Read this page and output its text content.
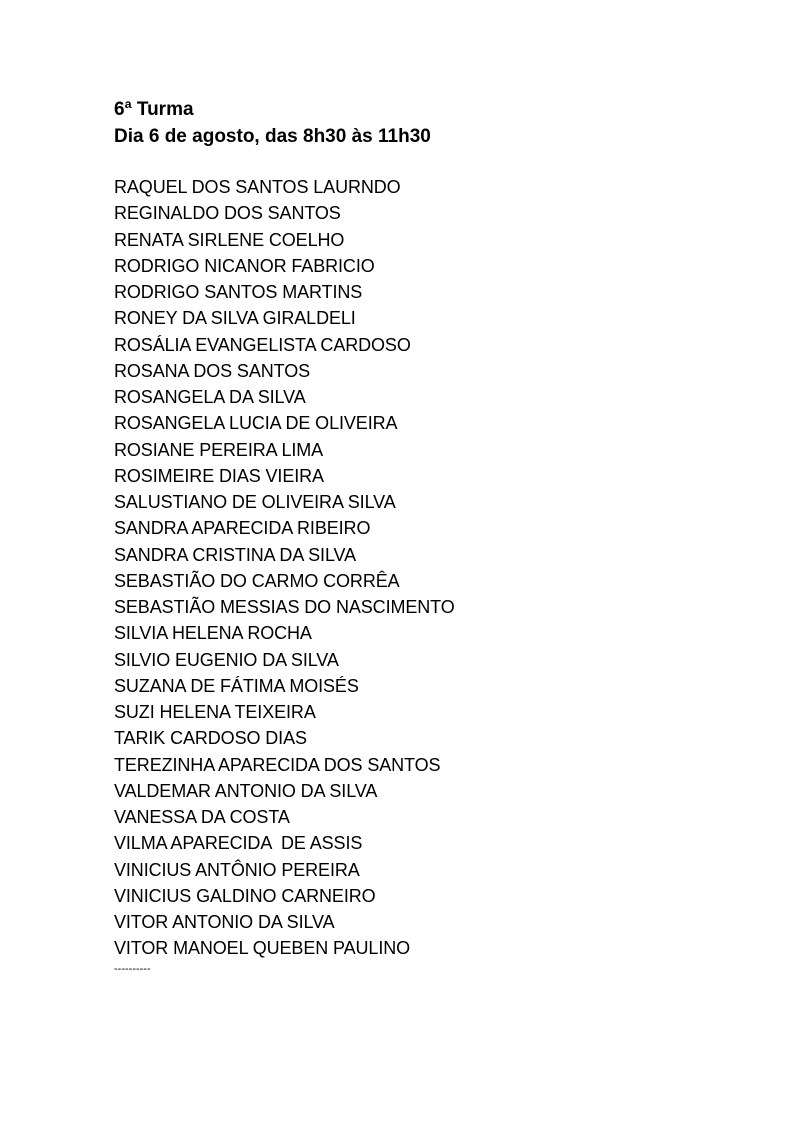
6ª Turma
Dia 6 de agosto, das 8h30 às 11h30
RAQUEL DOS SANTOS LAURNDO
REGINALDO DOS SANTOS
RENATA SIRLENE COELHO
RODRIGO NICANOR FABRICIO
RODRIGO SANTOS MARTINS
RONEY DA SILVA GIRALDELI
ROSÁLIA EVANGELISTA CARDOSO
ROSANA DOS SANTOS
ROSANGELA DA SILVA
ROSANGELA LUCIA DE OLIVEIRA
ROSIANE PEREIRA LIMA
ROSIMEIRE DIAS VIEIRA
SALUSTIANO DE OLIVEIRA SILVA
SANDRA APARECIDA RIBEIRO
SANDRA CRISTINA DA SILVA
SEBASTIÃO DO CARMO CORRÊA
SEBASTIÃO MESSIAS DO NASCIMENTO
SILVIA HELENA ROCHA
SILVIO EUGENIO DA SILVA
SUZANA DE FÁTIMA MOISÉS
SUZI HELENA TEIXEIRA
TARIK CARDOSO DIAS
TEREZINHA APARECIDA DOS SANTOS
VALDEMAR ANTONIO DA SILVA
VANESSA DA COSTA
VILMA APARECIDA  DE ASSIS
VINICIUS ANTÔNIO PEREIRA
VINICIUS GALDINO CARNEIRO
VITOR ANTONIO DA SILVA
VITOR MANOEL QUEBEN PAULINO
----------
